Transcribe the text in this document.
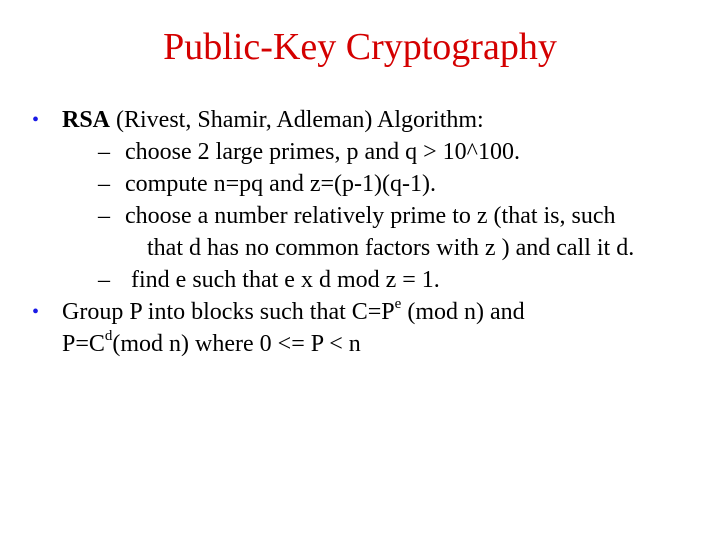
Public-Key Cryptography
• RSA (Rivest, Shamir, Adleman) Algorithm:
– choose 2 large primes, p and q > 10^100.
– compute n=pq and z=(p-1)(q-1).
– choose a number relatively prime to z (that is, such
that d has no common factors with z ) and call it d.
– find e such that e x d mod z = 1.
• Group P into blocks such that $C=P^e$ (mod n) and
$P=C^d(mod$ n) where 0 <= P < n
